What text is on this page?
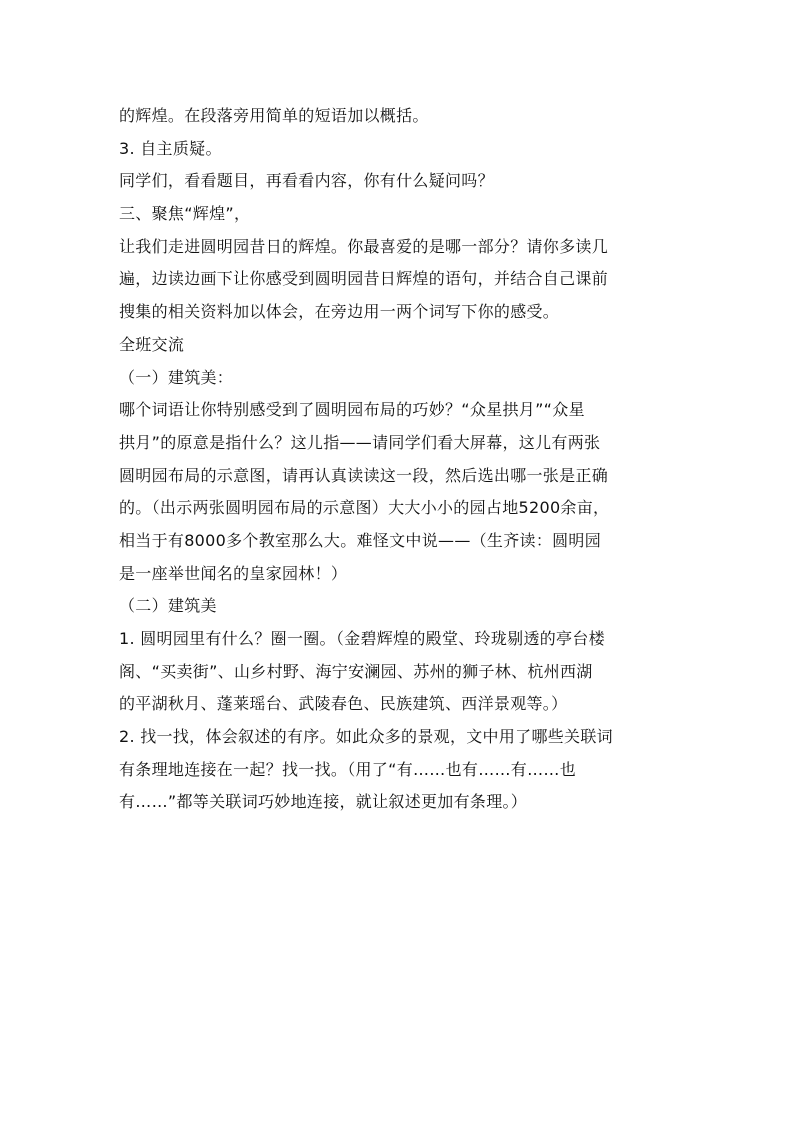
的辉煌。在段落旁用简单的短语加以概括。
3. 自主质疑。
同学们，看看题目，再看看内容，你有什么疑问吗？
三、聚焦“辉煌”，
让我们走进圆明园昔日的辉煌。你最喜爱的是哪一部分？请你多读几
遍，边读边画下让你感受到圆明园昔日辉煌的语句，并结合自己课前
搜集的相关资料加以体会，在旁边用一两个词写下你的感受。
全班交流
（一）建筑美：
哪个词语让你特别感受到了圆明园布局的巧妙？“众星拱月”“众星
拱月”的原意是指什么？这儿指——请同学们看大屏幕，这儿有两张
圆明园布局的示意图，请再认真读读这一段，然后选出哪一张是正确
的。（出示两张圆明园布局的示意图）大大小小的园占地5200余亩，
相当于有8000多个教室那么大。难怪文中说——（生齐读：圆明园
是一座举世闻名的皇家园林！）
（二）建筑美
1. 圆明园里有什么？圈一圈。（金碧辉煌的殿堂、玲珑剔透的亭台楼
阁、“买卖街”、山乡村野、海宁安澜园、苏州的狮子林、杭州西湖
的平湖秋月、蓬莱瑶台、武陵春色、民族建筑、西洋景观等。）
2. 找一找，体会叙述的有序。如此众多的景观，文中用了哪些关联词
有条理地连接在一起？找一找。（用了“有……也有……有……也
有……”都等关联词巧妙地连接，就让叙述更加有条理。）
